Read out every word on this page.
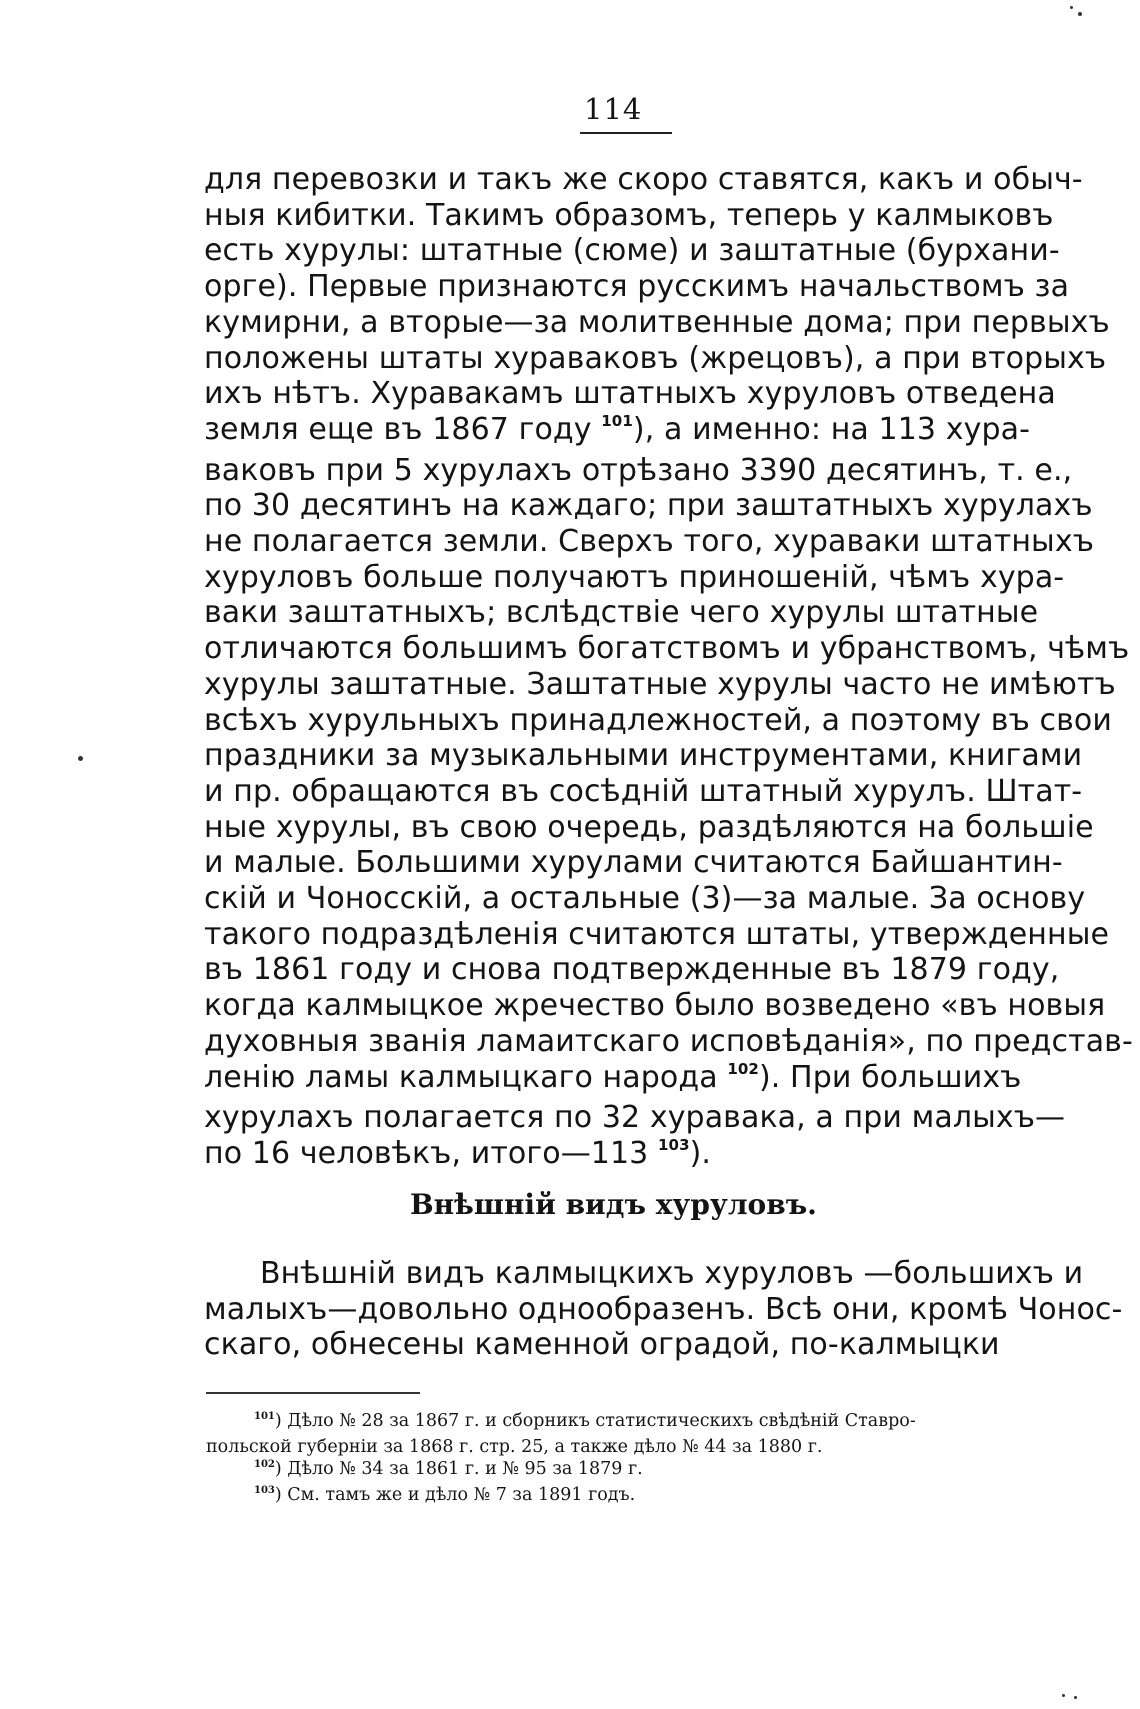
114
для перевозки и такъ же скоро ставятся, какъ и обыч-
ныя кибитки. Такимъ образомъ, теперь у калмыковъ
есть хурулы: штатные (сюме) и заштатные (бурхани-
орге). Первые признаются русскимъ начальствомъ за
кумирни, а вторые—за молитвенные дома; при первыхъ
положены штаты хураваковъ (жрецовъ), а при вторыхъ
ихъ нѣтъ. Хуравакамъ штатныхъ хуруловъ отведена
земля еще въ 1867 году $^{101}$), а именно: на 113 хура-
ваковъ при 5 хурулахъ отрѣзано 3390 десятинъ, т. е.,
по 30 десятинъ на каждаго; при заштатныхъ хурулахъ
не полагается земли. Сверхъ того, хураваки штатныхъ
хуруловъ больше получаютъ приношеній, чѣмъ хура-
ваки заштатныхъ; вслѣдствіе чего хурулы штатные
отличаются большимъ богатствомъ и убранствомъ, чѣмъ
хурулы заштатные. Заштатные хурулы часто не имѣютъ
всѣхъ хурульныхъ принадлежностей, а поэтому въ свои
праздники за музыкальными инструментами, книгами
и пр. обращаются въ сосѣдній штатный хурулъ. Штат-
ные хурулы, въ свою очередь, раздѣляются на большіе
и малые. Большими хурулами считаются Байшантин-
скій и Чоносскій, а остальные (3)—за малые. За основу
такого подраздѣленія считаются штаты, утвержденные
въ 1861 году и снова подтвержденные въ 1879 году,
когда калмыцкое жречество было возведено «въ новыя
духовныя званія ламаитскаго исповѣданія», по представ-
ленію ламы калмыцкаго народа $^{102}$). При большихъ
хурулахъ полагается по 32 хуравака, а при малыхъ—
по 16 человѣкъ, итого—113 $^{103}$).
Внѣшній видъ хуруловъ.
Внѣшній видъ калмыцкихъ хуруловъ —большихъ и
малыхъ—довольно однообразенъ. Всѣ они, кромѣ Чонос-
скаго, обнесены каменной оградой, по-калмыцки
$^{101}$) Дѣло № 28 за 1867 г. и сборникъ статистическихъ свѣдѣній Ставро-
польской губерніи за 1868 г. стр. 25, а также дѣло № 44 за 1880 г.
$^{102}$) Дѣло № 34 за 1861 г. и № 95 за 1879 г.
$^{103}$) См. тамъ же и дѣло № 7 за 1891 годъ.
